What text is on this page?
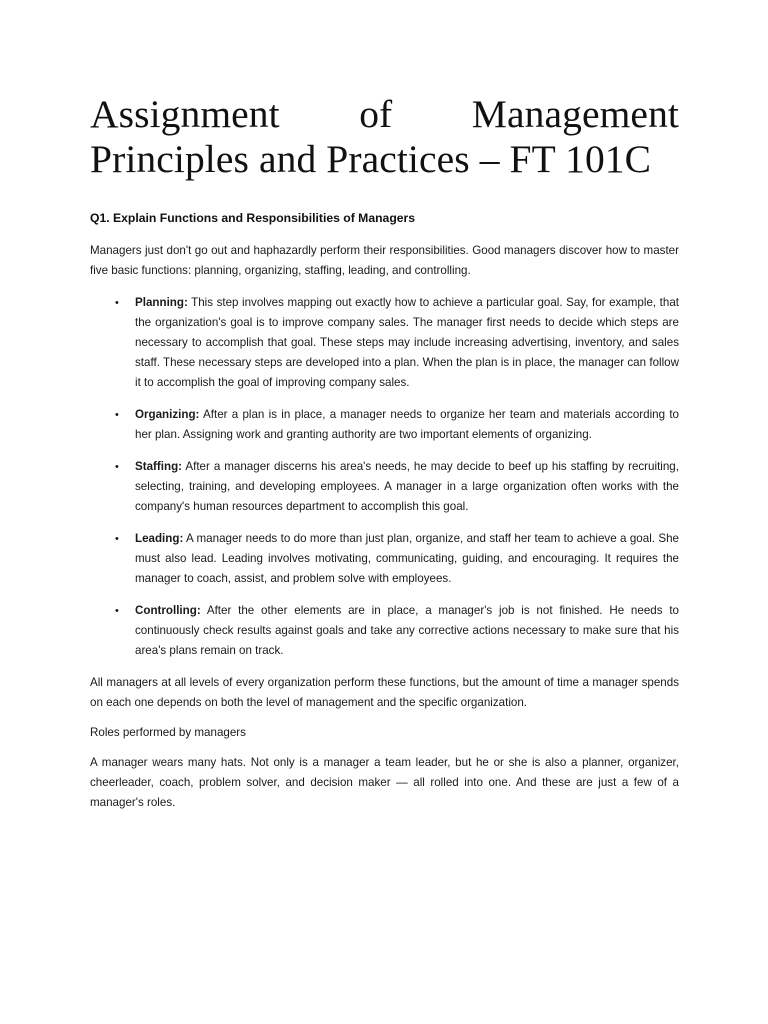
Assignment of Management Principles and Practices – FT 101C
Q1. Explain Functions and Responsibilities of Managers

Managers just don't go out and haphazardly perform their responsibilities. Good managers discover how to master five basic functions: planning, organizing, staffing, leading, and controlling.

• Planning: This step involves mapping out exactly how to achieve a particular goal. Say, for example, that the organization's goal is to improve company sales. The manager first needs to decide which steps are necessary to accomplish that goal. These steps may include increasing advertising, inventory, and sales staff. These necessary steps are developed into a plan. When the plan is in place, the manager can follow it to accomplish the goal of improving company sales.

• Organizing: After a plan is in place, a manager needs to organize her team and materials according to her plan. Assigning work and granting authority are two important elements of organizing.

• Staffing: After a manager discerns his area's needs, he may decide to beef up his staffing by recruiting, selecting, training, and developing employees. A manager in a large organization often works with the company's human resources department to accomplish this goal.

• Leading: A manager needs to do more than just plan, organize, and staff her team to achieve a goal. She must also lead. Leading involves motivating, communicating, guiding, and encouraging. It requires the manager to coach, assist, and problem solve with employees.

• Controlling: After the other elements are in place, a manager's job is not finished. He needs to continuously check results against goals and take any corrective actions necessary to make sure that his area's plans remain on track.

All managers at all levels of every organization perform these functions, but the amount of time a manager spends on each one depends on both the level of management and the specific organization.

Roles performed by managers

A manager wears many hats. Not only is a manager a team leader, but he or she is also a planner, organizer, cheerleader, coach, problem solver, and decision maker — all rolled into one. And these are just a few of a manager's roles.
